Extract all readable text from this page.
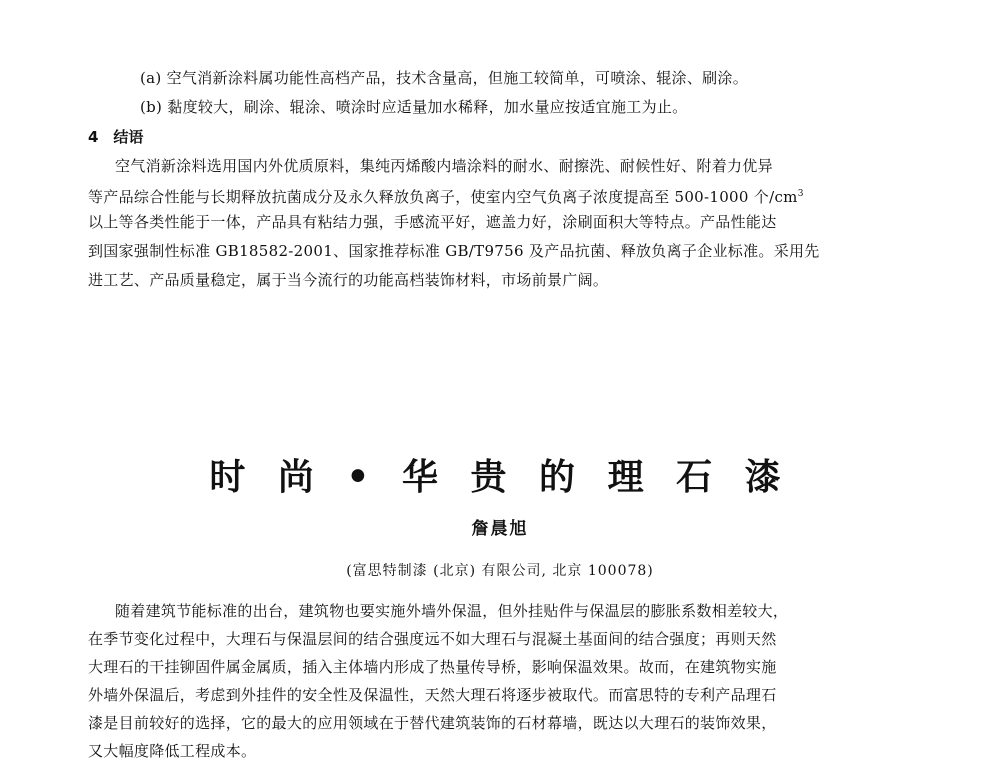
(a) 空气消新涂料属功能性高档产品，技术含量高，但施工较简单，可喷涂、辊涂、刷涂。
(b) 黏度较大，刷涂、辊涂、喷涂时应适量加水稀释，加水量应按适宜施工为止。
4　结语
空气消新涂料选用国内外优质原料，集纯丙烯酸内墙涂料的耐水、耐擦洗、耐候性好、附着力优异
等产品综合性能与长期释放抗菌成分及永久释放负离子，使室内空气负离子浓度提高至 500-1000 个$/cm^3$
以上等各类性能于一体，产品具有粘结力强，手感流平好，遮盖力好，涂刷面积大等特点。产品性能达
到国家强制性标准 GB18582-2001、国家推荐标准 GB/T9756 及产品抗菌、释放负离子企业标准。采用先
进工艺、产品质量稳定，属于当今流行的功能高档装饰材料，市场前景广阔。
时 尚 • 华 贵 的 理 石 漆
詹晨旭
(富思特制漆 (北京) 有限公司, 北京 100078)
随着建筑节能标准的出台，建筑物也要实施外墙外保温，但外挂贴件与保温层的膨胀系数相差较大，
在季节变化过程中，大理石与保温层间的结合强度远不如大理石与混凝土基面间的结合强度；再则天然
大理石的干挂铆固件属金属质，插入主体墙内形成了热量传导桥，影响保温效果。故而，在建筑物实施
外墙外保温后，考虑到外挂件的安全性及保温性，天然大理石将逐步被取代。而富思特的专利产品理石
漆是目前较好的选择，它的最大的应用领域在于替代建筑装饰的石材幕墙，既达以大理石的装饰效果，
又大幅度降低工程成本。
